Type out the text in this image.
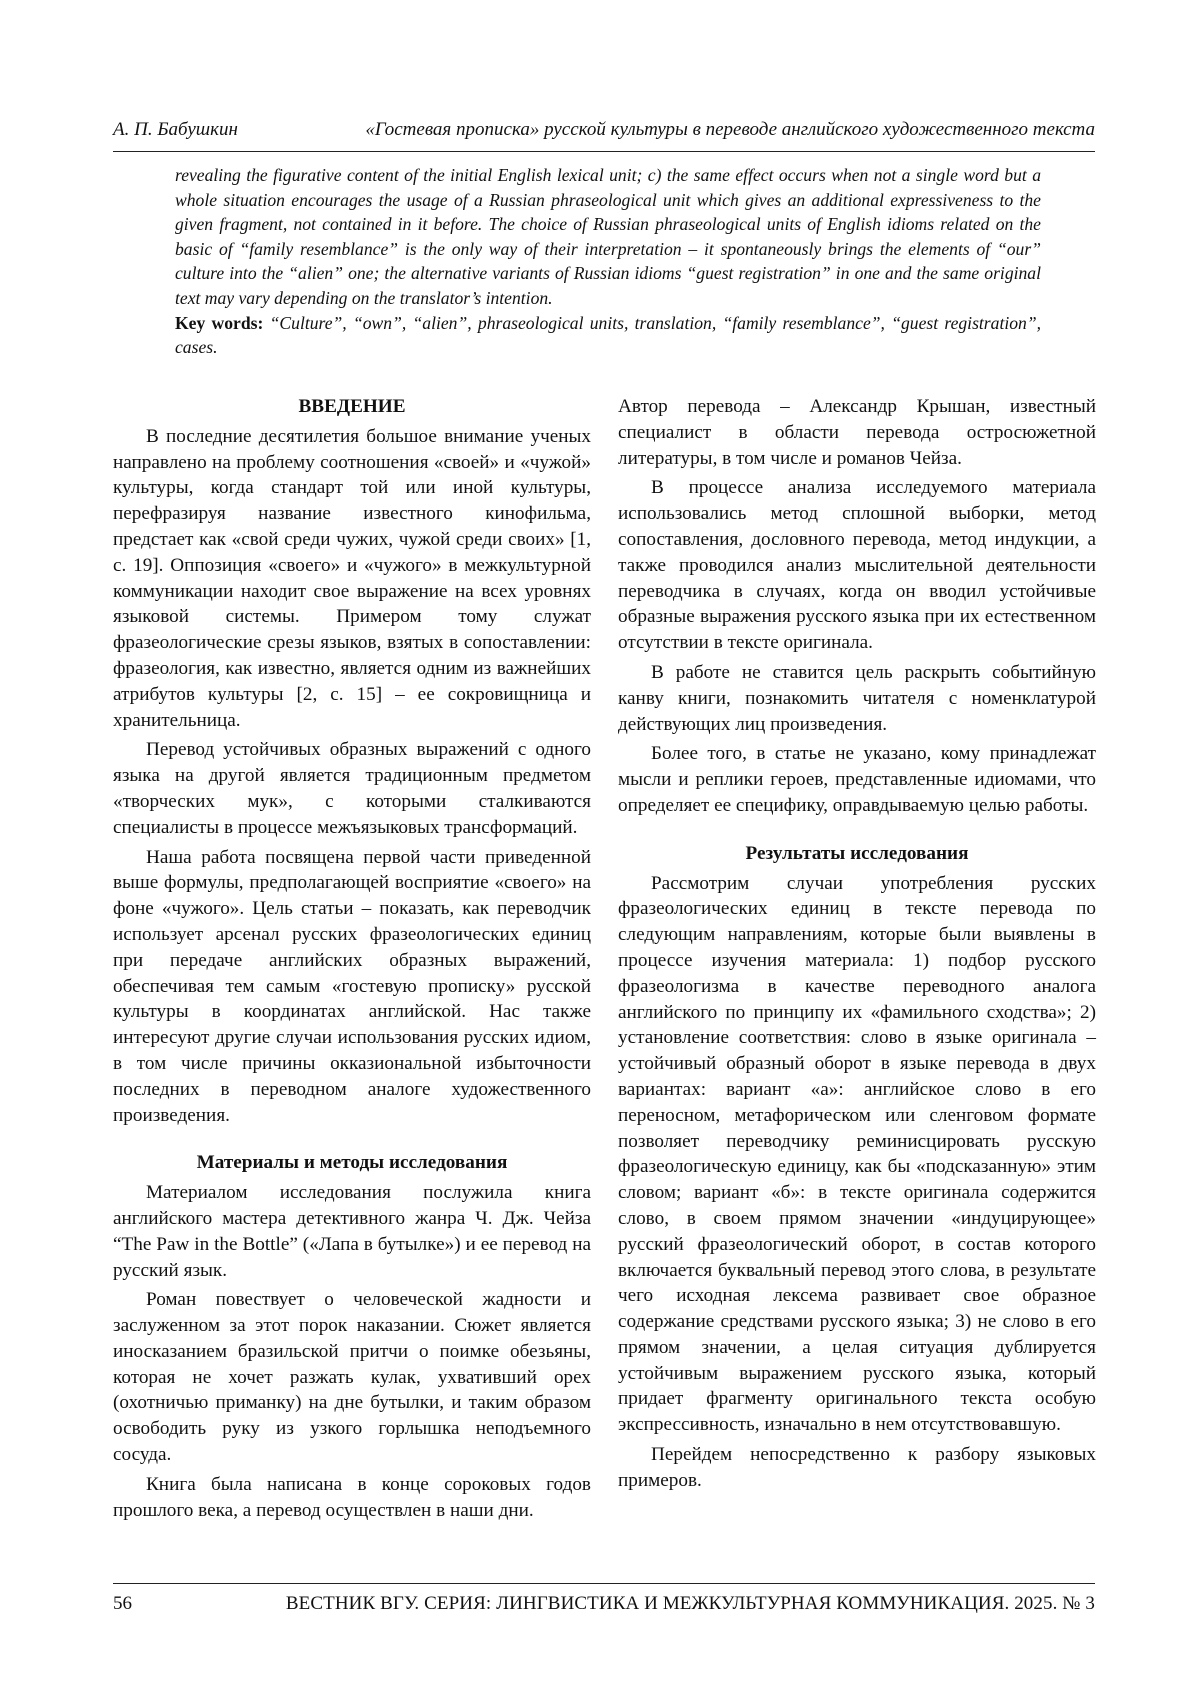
А. П. Бабушкин	«Гостевая прописка» русской культуры в переводе английского художественного текста

revealing the figurative content of the initial English lexical unit; c) the same effect occurs when not a single word but a whole situation encourages the usage of a Russian phraseological unit which gives an additional expressiveness to the given fragment, not contained in it before. The choice of Russian phraseological units of English idioms related on the basic of “family resemblance” is the only way of their interpretation – it spontaneously brings the elements of “our” culture into the “alien” one; the alternative variants of Russian idioms “guest registration” in one and the same original text may vary depending on the translator’s intention.

Key words: “Culture”, “own”, “alien”, phraseological units, translation, “family resemblance”, “guest registration”, cases.

ВВЕДЕНИЕ

В последние десятилетия большое внимание ученых направлено на проблему соотношения «своей» и «чужой» культуры, когда стандарт той или иной культуры, перефразируя название известного кинофильма, предстает как «свой среди чужих, чужой среди своих» [1, с. 19]. Оппозиция «своего» и «чужого» в межкультурной коммуникации находит свое выражение на всех уровнях языковой системы. Примером тому служат фразеологические срезы языков, взятых в сопоставлении: фразеология, как известно, является одним из важнейших атрибутов культуры [2, с. 15] – ее сокровищница и хранительница.

Перевод устойчивых образных выражений с одного языка на другой является традиционным предметом «творческих мук», с которыми сталкиваются специалисты в процессе межъязыковых трансформаций.

Наша работа посвящена первой части приведенной выше формулы, предполагающей восприятие «своего» на фоне «чужого». Цель статьи – показать, как переводчик использует арсенал русских фразеологических единиц при передаче английских образных выражений, обеспечивая тем самым «гостевую прописку» русской культуры в координатах английской. Нас также интересуют другие случаи использования русских идиом, в том числе причины окказиональной избыточности последних в переводном аналоге художественного произведения.

Материалы и методы исследования

Материалом исследования послужила книга английского мастера детективного жанра Ч. Дж. Чейза “The Paw in the Bottle” («Лапа в бутылке») и ее перевод на русский язык.

Роман повествует о человеческой жадности и заслуженном за этот порок наказании. Сюжет является иносказанием бразильской притчи о поимке обезьяны, которая не хочет разжать кулак, ухвативший орех (охотничью приманку) на дне бутылки, и таким образом освободить руку из узкого горлышка неподъемного сосуда.

Книга была написана в конце сороковых годов прошлого века, а перевод осуществлен в наши дни.

Автор перевода – Александр Крышан, известный специалист в области перевода остросюжетной литературы, в том числе и романов Чейза.

В процессе анализа исследуемого материала использовались метод сплошной выборки, метод сопоставления, дословного перевода, метод индукции, а также проводился анализ мыслительной деятельности переводчика в случаях, когда он вводил устойчивые образные выражения русского языка при их естественном отсутствии в тексте оригинала.

В работе не ставится цель раскрыть событийную канву книги, познакомить читателя с номенклатурой действующих лиц произведения.

Более того, в статье не указано, кому принадлежат мысли и реплики героев, представленные идиомами, что определяет ее специфику, оправдываемую целью работы.

Результаты исследования

Рассмотрим случаи употребления русских фразеологических единиц в тексте перевода по следующим направлениям, которые были выявлены в процессе изучения материала: 1) подбор русского фразеологизма в качестве переводного аналога английского по принципу их «фамильного сходства»; 2) установление соответствия: слово в языке оригинала – устойчивый образный оборот в языке перевода в двух вариантах: вариант «а»: английское слово в его переносном, метафорическом или сленговом формате позволяет переводчику реминисцировать русскую фразеологическую единицу, как бы «подсказанную» этим словом; вариант «б»: в тексте оригинала содержится слово, в своем прямом значении «индуцирующее» русский фразеологический оборот, в состав которого включается буквальный перевод этого слова, в результате чего исходная лексема развивает свое образное содержание средствами русского языка; 3) не слово в его прямом значении, а целая ситуация дублируется устойчивым выражением русского языка, который придает фрагменту оригинального текста особую экспрессивность, изначально в нем отсутствовавшую.

Перейдем непосредственно к разбору языковых примеров.

56	ВЕСТНИК ВГУ. СЕРИЯ: ЛИНГВИСТИКА И МЕЖКУЛЬТУРНАЯ КОММУНИКАЦИЯ. 2025. № 3
